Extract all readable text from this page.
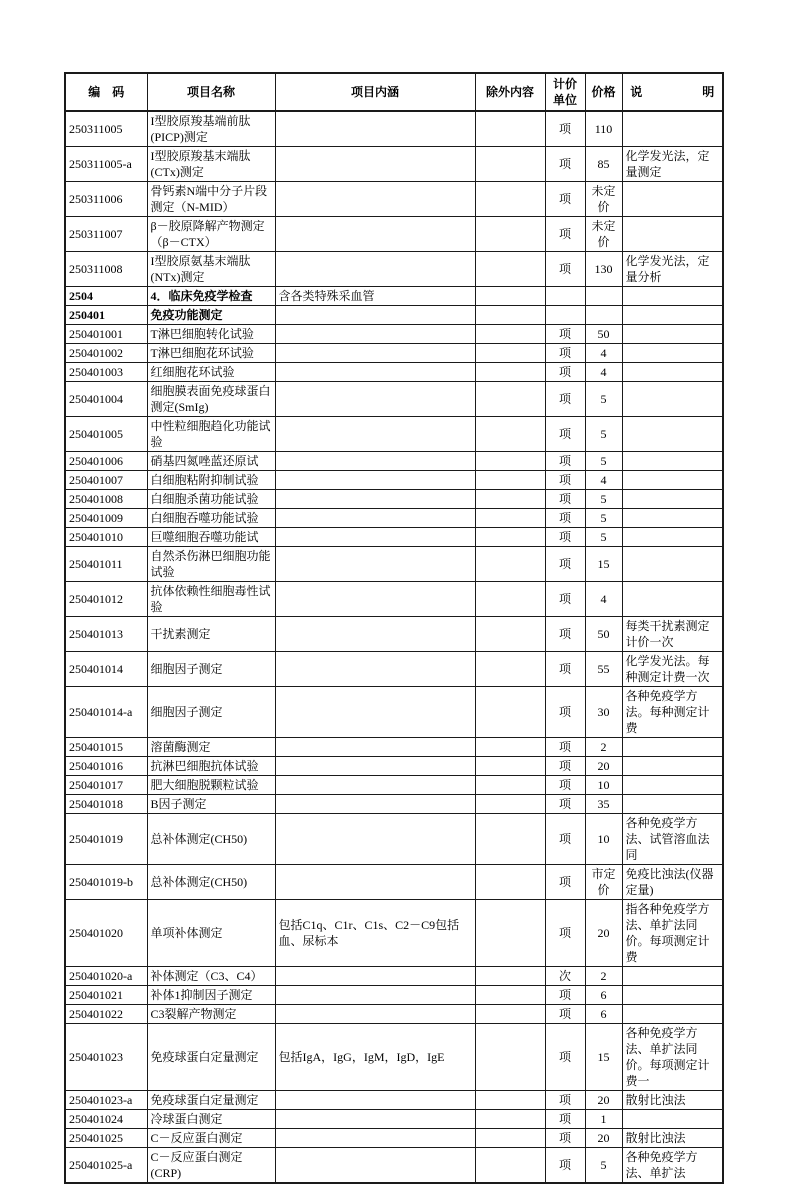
编　码	项目名称	项目内涵	除外内容	计价单位	价格	说　　　　　明
250311005	I型胶原羧基端前肽(PICP)测定			项	110	
250311005-a	I型胶原羧基末端肽(CTx)测定			项	85	化学发光法，定量测定
250311006	骨钙素N端中分子片段测定（N-MID）			项	未定价	
250311007	β－胶原降解产物测定（β－CTX）			项	未定价	
250311008	I型胶原氨基末端肽(NTx)测定			项	130	化学发光法，定量分析
2504	4．临床免疫学检查	含各类特殊采血管				
250401	免疫功能测定					
250401001	T淋巴细胞转化试验			项	50	
250401002	T淋巴细胞花环试验			项	4	
250401003	红细胞花环试验			项	4	
250401004	细胞膜表面免疫球蛋白测定(SmIg)			项	5	
250401005	中性粒细胞趋化功能试验			项	5	
250401006	硝基四氮唑蓝还原试			项	5	
250401007	白细胞粘附抑制试验			项	4	
250401008	白细胞杀菌功能试验			项	5	
250401009	白细胞吞噬功能试验			项	5	
250401010	巨噬细胞吞噬功能试			项	5	
250401011	自然杀伤淋巴细胞功能试验			项	15	
250401012	抗体依赖性细胞毒性试验			项	4	
250401013	干扰素测定			项	50	每类干扰素测定计价一次
250401014	细胞因子测定			项	55	化学发光法。每种测定计费一次
250401014-a	细胞因子测定			项	30	各种免疫学方法。每种测定计费
250401015	溶菌酶测定			项	2	
250401016	抗淋巴细胞抗体试验			项	20	
250401017	肥大细胞脱颗粒试验			项	10	
250401018	B因子测定			项	35	
250401019	总补体测定(CH50)			项	10	各种免疫学方法、试管溶血法同
250401019-b	总补体测定(CH50)			项	市定价	免疫比浊法(仪器定量)
250401020	单项补体测定	包括C1q、C1r、C1s、C2－C9包括血、尿标本		项	20	指各种免疫学方法、单扩法同价。每项测定计费
250401020-a	补体测定（C3、C4）			次	2	
250401021	补体1抑制因子测定			项	6	
250401022	C3裂解产物测定			项	6	
250401023	免疫球蛋白定量测定	包括IgA，IgG，IgM，IgD，IgE		项	15	各种免疫学方法、单扩法同价。每项测定计费一
250401023-a	免疫球蛋白定量测定			项	20	散射比浊法
250401024	冷球蛋白测定			项	1	
250401025	C－反应蛋白测定			项	20	散射比浊法
250401025-a	C－反应蛋白测定(CRP)			项	5	各种免疫学方法、单扩法
